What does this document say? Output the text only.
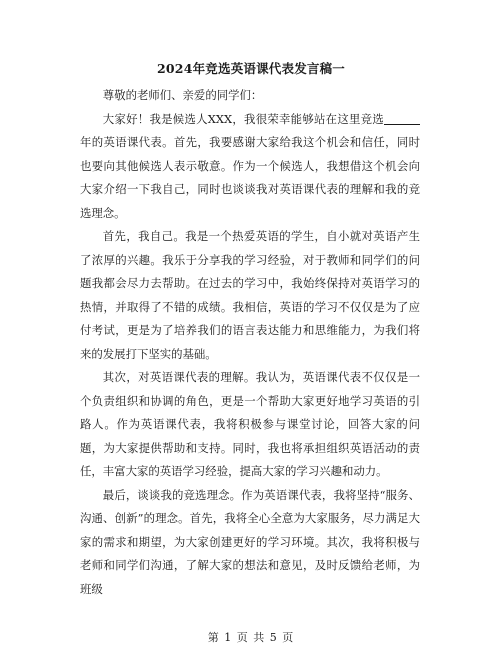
2024年竞选英语课代表发言稿一

尊敬的老师们、亲爱的同学们：

大家好！我是候选人XXX，我很荣幸能够站在这里竞选年的英语课代表。首先，我要感谢大家给我这个机会和信任，同时也要向其他候选人表示敬意。作为一个候选人，我想借这个机会向大家介绍一下我自己，同时也谈谈我对英语课代表的理解和我的竞选理念。

首先，我自己。我是一个热爱英语的学生，自小就对英语产生了浓厚的兴趣。我乐于分享我的学习经验，对于教师和同学们的问题我都会尽力去帮助。在过去的学习中，我始终保持对英语学习的热情，并取得了不错的成绩。我相信，英语的学习不仅仅是为了应付考试，更是为了培养我们的语言表达能力和思维能力，为我们将来的发展打下坚实的基础。

其次，对英语课代表的理解。我认为，英语课代表不仅仅是一个负责组织和协调的角色，更是一个帮助大家更好地学习英语的引路人。作为英语课代表，我将积极参与课堂讨论，回答大家的问题，为大家提供帮助和支持。同时，我也将承担组织英语活动的责任，丰富大家的英语学习经验，提高大家的学习兴趣和动力。

最后，谈谈我的竞选理念。作为英语课代表，我将坚持“服务、沟通、创新”的理念。首先，我将全心全意为大家服务，尽力满足大家的需求和期望，为大家创建更好的学习环境。其次，我将积极与老师和同学们沟通，了解大家的想法和意见，及时反馈给老师，为班级

第 1 页 共 5 页
